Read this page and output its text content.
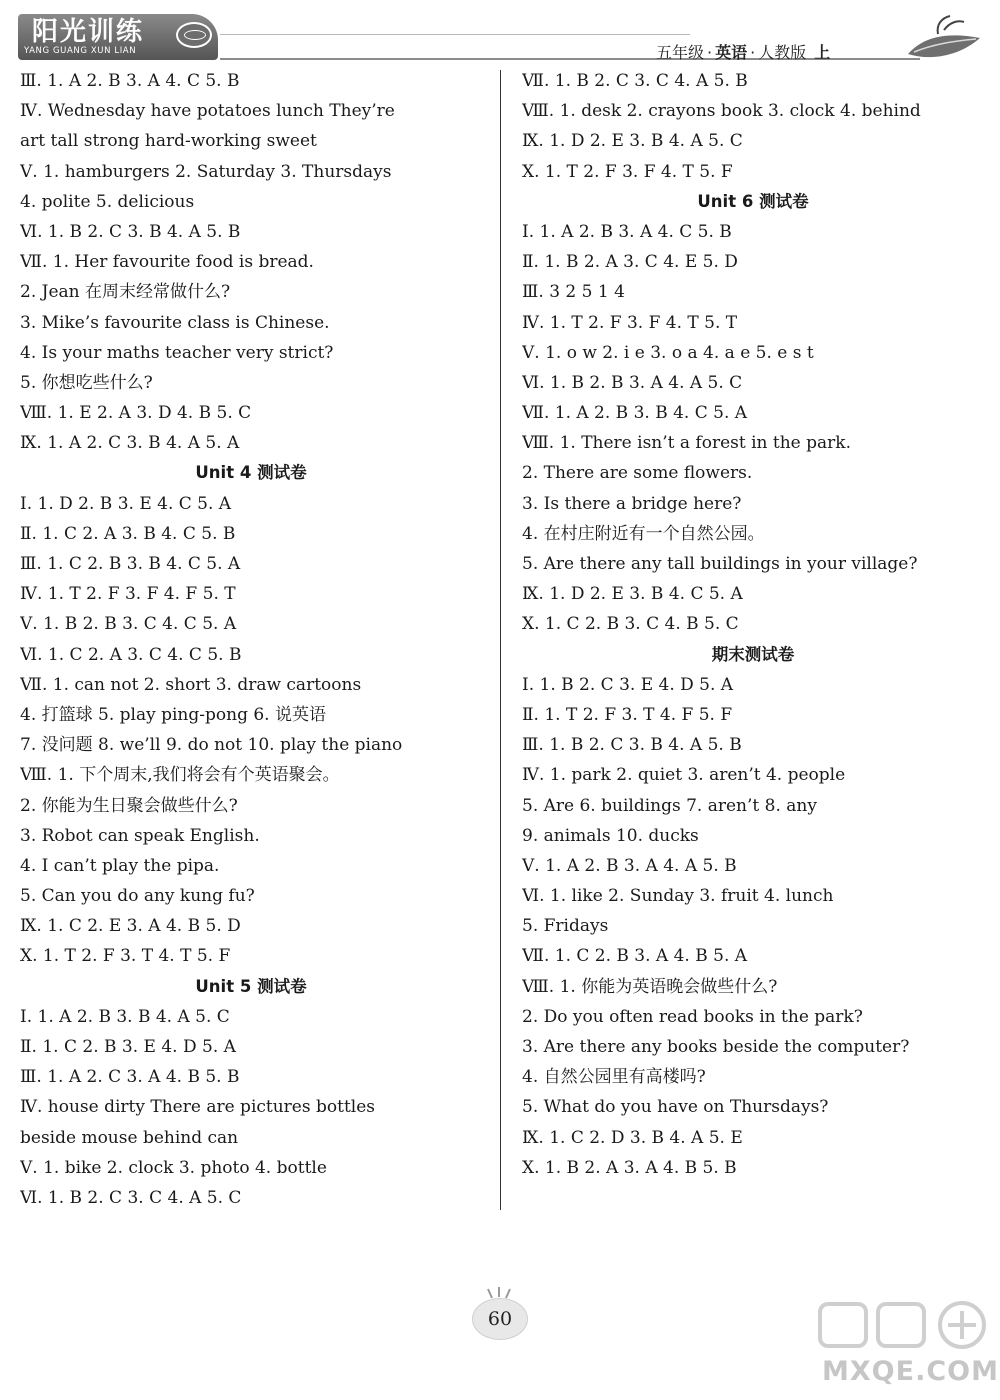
阳光训练
YANG GUANG XUN LIAN	五年级 · 英语 · 人教版 上
Ⅲ. 1. A 2. B 3. A 4. C 5. B
Ⅳ. Wednesday have potatoes lunch They’re
art tall strong hard-working sweet
Ⅴ. 1. hamburgers 2. Saturday 3. Thursdays
4. polite 5. delicious
Ⅵ. 1. B 2. C 3. B 4. A 5. B
Ⅶ. 1. Her favourite food is bread.
2. Jean 在周末经常做什么?
3. Mike’s favourite class is Chinese.
4. Is your maths teacher very strict?
5. 你想吃些什么?
Ⅷ. 1. E 2. A 3. D 4. B 5. C
Ⅸ. 1. A 2. C 3. B 4. A 5. A
Unit 4 测试卷
Ⅰ. 1. D 2. B 3. E 4. C 5. A
Ⅱ. 1. C 2. A 3. B 4. C 5. B
Ⅲ. 1. C 2. B 3. B 4. C 5. A
Ⅳ. 1. T 2. F 3. F 4. F 5. T
Ⅴ. 1. B 2. B 3. C 4. C 5. A
Ⅵ. 1. C 2. A 3. C 4. C 5. B
Ⅶ. 1. can not 2. short 3. draw cartoons
4. 打篮球 5. play ping-pong 6. 说英语
7. 没问题 8. we’ll 9. do not 10. play the piano
Ⅷ. 1. 下个周末,我们将会有个英语聚会。
2. 你能为生日聚会做些什么?
3. Robot can speak English.
4. I can’t play the pipa.
5. Can you do any kung fu?
Ⅸ. 1. C 2. E 3. A 4. B 5. D
Ⅹ. 1. T 2. F 3. T 4. T 5. F
Unit 5 测试卷
Ⅰ. 1. A 2. B 3. B 4. A 5. C
Ⅱ. 1. C 2. B 3. E 4. D 5. A
Ⅲ. 1. A 2. C 3. A 4. B 5. B
Ⅳ. house dirty There are pictures bottles
beside mouse behind can
Ⅴ. 1. bike 2. clock 3. photo 4. bottle
Ⅵ. 1. B 2. C 3. C 4. A 5. C
Ⅶ. 1. B 2. C 3. C 4. A 5. B
Ⅷ. 1. desk 2. crayons book 3. clock 4. behind
Ⅸ. 1. D 2. E 3. B 4. A 5. C
Ⅹ. 1. T 2. F 3. F 4. T 5. F
Unit 6 测试卷
Ⅰ. 1. A 2. B 3. A 4. C 5. B
Ⅱ. 1. B 2. A 3. C 4. E 5. D
Ⅲ. 3 2 5 1 4
Ⅳ. 1. T 2. F 3. F 4. T 5. T
Ⅴ. 1. o w 2. i e 3. o a 4. a e 5. e s t
Ⅵ. 1. B 2. B 3. A 4. A 5. C
Ⅶ. 1. A 2. B 3. B 4. C 5. A
Ⅷ. 1. There isn’t a forest in the park.
2. There are some flowers.
3. Is there a bridge here?
4. 在村庄附近有一个自然公园。
5. Are there any tall buildings in your village?
Ⅸ. 1. D 2. E 3. B 4. C 5. A
Ⅹ. 1. C 2. B 3. C 4. B 5. C
期末测试卷
Ⅰ. 1. B 2. C 3. E 4. D 5. A
Ⅱ. 1. T 2. F 3. T 4. F 5. F
Ⅲ. 1. B 2. C 3. B 4. A 5. B
Ⅳ. 1. park 2. quiet 3. aren’t 4. people
5. Are 6. buildings 7. aren’t 8. any
9. animals 10. ducks
Ⅴ. 1. A 2. B 3. A 4. A 5. B
Ⅵ. 1. like 2. Sunday 3. fruit 4. lunch
5. Fridays
Ⅶ. 1. C 2. B 3. A 4. B 5. A
Ⅷ. 1. 你能为英语晚会做些什么?
2. Do you often read books in the park?
3. Are there any books beside the computer?
4. 自然公园里有高楼吗?
5. What do you have on Thursdays?
Ⅸ. 1. C 2. D 3. B 4. A 5. E
Ⅹ. 1. B 2. A 3. A 4. B 5. B
60
MXQE.COM
